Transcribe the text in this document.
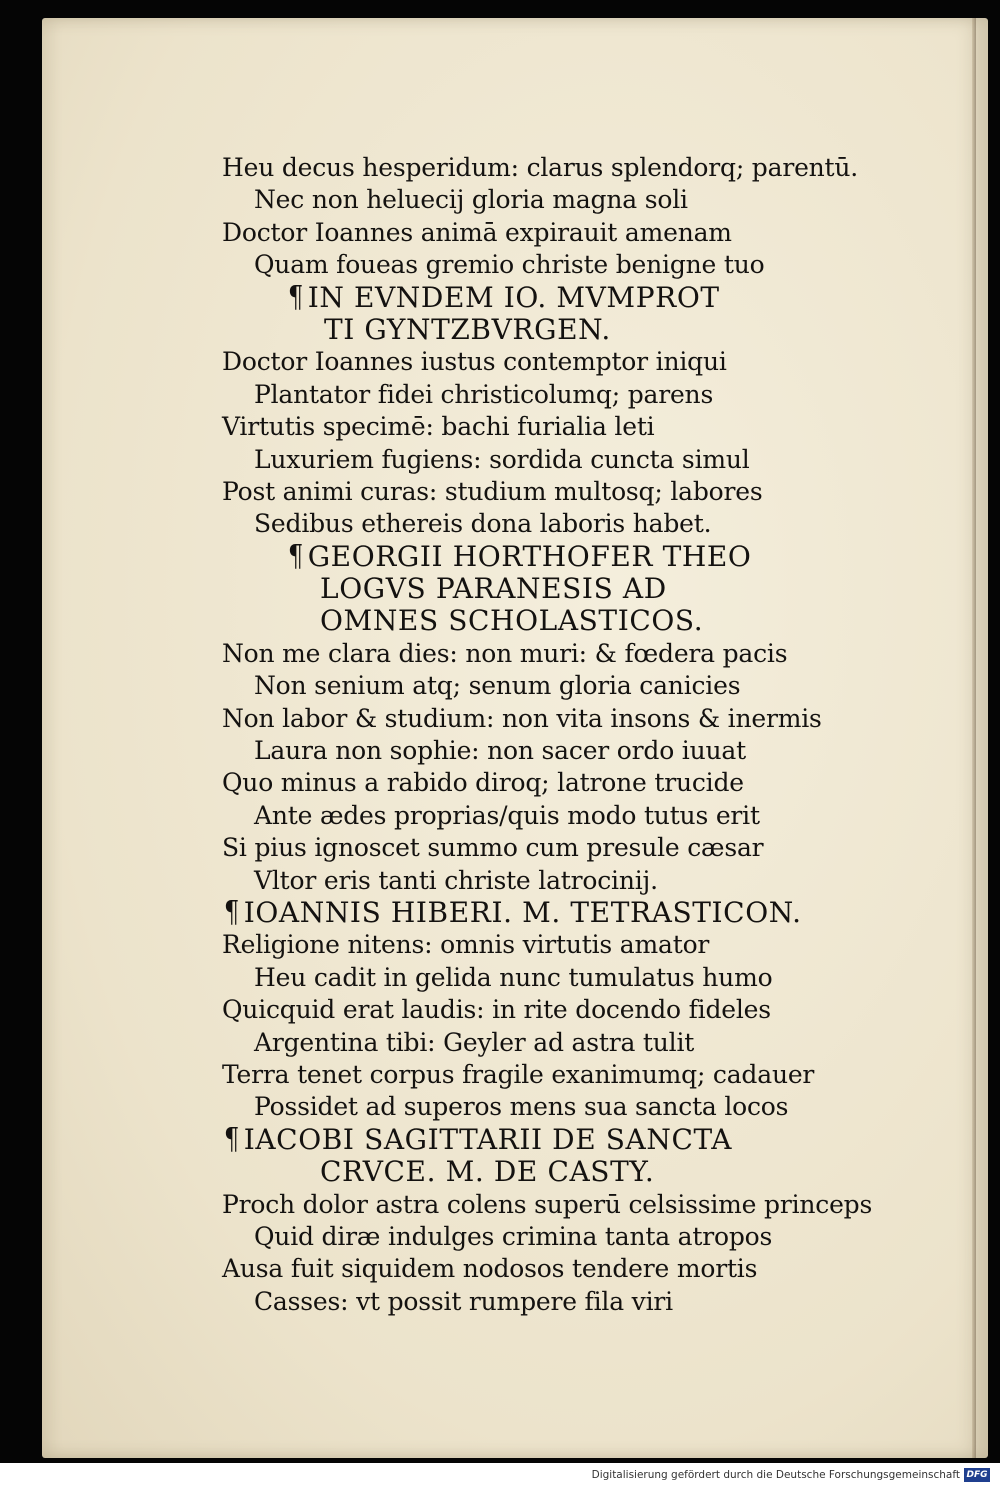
Heu decus hesperidum: clarus splendorq; parentū.
Nec non heluecij gloria magna soli
Doctor Ioannes animā expirauit amenam
Quam foueas gremio christe benigne tuo
¶ IN EVNDEM IO. MVMPROT
TI GYNTZBVRGEN.
Doctor Ioannes iustus contemptor iniqui
Plantator fidei christicolumq; parens
Virtutis specimē: bachi furialia leti
Luxuriem fugiens: sordida cuncta simul
Post animi curas: studium multosq; labores
Sedibus ethereis dona laboris habet.
¶ GEORGII HORTHOFER THEO
LOGVS PARANESIS AD
OMNES SCHOLASTICOS.
Non me clara dies: non muri: & fœdera pacis
Non senium atq; senum gloria canicies
Non labor & studium: non vita insons & inermis
Laura non sophie: non sacer ordo iuuat
Quo minus a rabido diroq; latrone trucide
Ante ædes proprias/quis modo tutus erit
Si pius ignoscet summo cum presule cæsar
Vltor eris tanti christe latrocinij.
¶ IOANNIS HIBERI. M. TETRASTICON.
Religione nitens: omnis virtutis amator
Heu cadit in gelida nunc tumulatus humo
Quicquid erat laudis: in rite docendo fideles
Argentina tibi: Geyler ad astra tulit
Terra tenet corpus fragile exanimumq; cadauer
Possidet ad superos mens sua sancta locos
¶ IACOBI SAGITTARII DE SANCTA
CRVCE. M. DE CASTY.
Proch dolor astra colens superū celsissime princeps
Quid diræ indulges crimina tanta atropos
Ausa fuit siquidem nodosos tendere mortis
Casses: vt possit rumpere fila viri
Digitalisierung gefördert durch die Deutsche Forschungsgemeinschaft DFG
